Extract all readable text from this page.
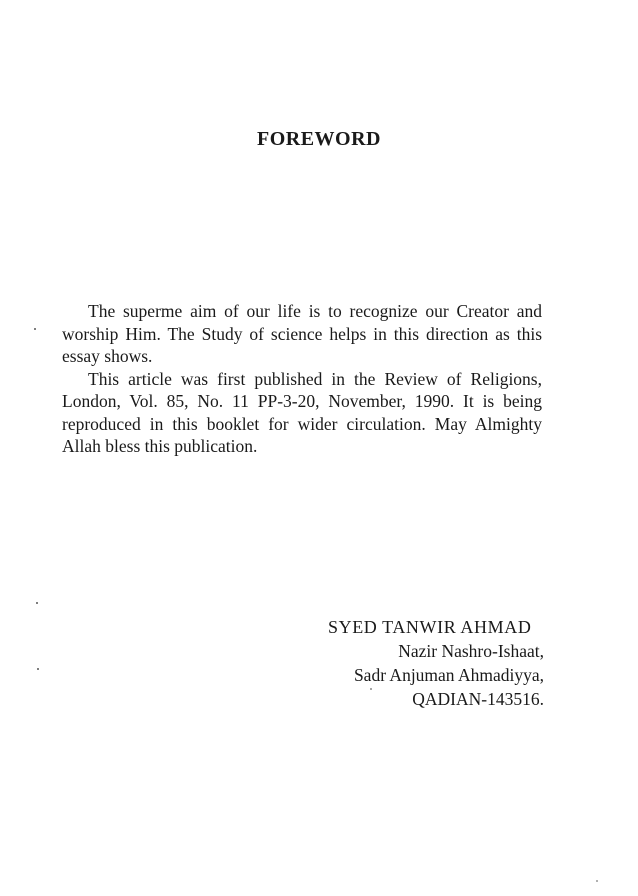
FOREWORD

The superme aim of our life is to recognize our Creator and worship Him. The Study of science helps in this direction as this essay shows.

This article was first published in the Review of Religions, London, Vol. 85, No. 11 PP-3-20, November, 1990. It is being reproduced in this booklet for wider circulation. May Almighty Allah bless this publication.

SYED TANWIR AHMAD
Nazir Nashro-Ishaat,
Sadr Anjuman Ahmadiyya,
QADIAN-143516.
